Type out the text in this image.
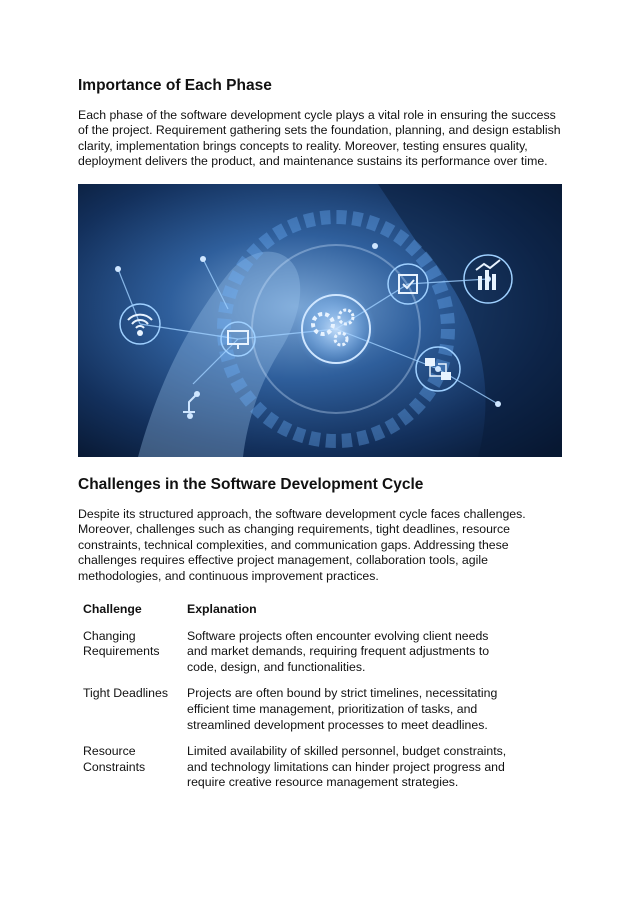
Importance of Each Phase

Each phase of the software development cycle plays a vital role in ensuring the success of the project. Requirement gathering sets the foundation, planning, and design establish clarity, implementation brings concepts to reality. Moreover, testing ensures quality, deployment delivers the product, and maintenance sustains its performance over time.

Challenges in the Software Development Cycle

Despite its structured approach, the software development cycle faces challenges. Moreover, challenges such as changing requirements, tight deadlines, resource constraints, technical complexities, and communication gaps. Addressing these challenges requires effective project management, collaboration tools, agile methodologies, and continuous improvement practices.

Challenge	Explanation
Changing Requirements	Software projects often encounter evolving client needs and market demands, requiring frequent adjustments to code, design, and functionalities.
Tight Deadlines	Projects are often bound by strict timelines, necessitating efficient time management, prioritization of tasks, and streamlined development processes to meet deadlines.
Resource Constraints	Limited availability of skilled personnel, budget constraints, and technology limitations can hinder project progress and require creative resource management strategies.
